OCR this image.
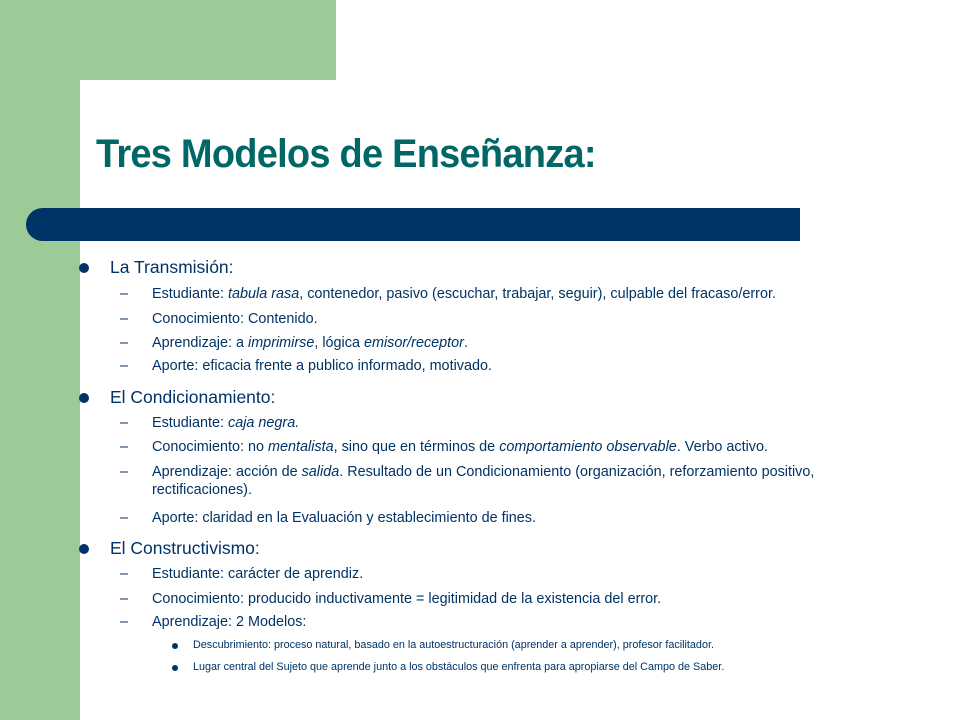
Tres Modelos de Enseñanza:
La Transmisión:
– Estudiante: tabula rasa, contenedor, pasivo (escuchar, trabajar, seguir), culpable del fracaso/error.
– Conocimiento: Contenido.
– Aprendizaje: a imprimirse, lógica emisor/receptor.
– Aporte: eficacia frente a publico informado, motivado.
El Condicionamiento:
– Estudiante: caja negra.
– Conocimiento: no mentalista, sino que en términos de comportamiento observable. Verbo activo.
– Aprendizaje: acción de salida. Resultado de un Condicionamiento (organización, reforzamiento positivo, rectificaciones).
– Aporte: claridad en la Evaluación y establecimiento de fines.
El Constructivismo:
– Estudiante: carácter de aprendiz.
– Conocimiento: producido inductivamente = legitimidad de la existencia del error.
– Aprendizaje: 2 Modelos:
Descubrimiento: proceso natural, basado en la autoestructuración (aprender a aprender), profesor facilitador.
Lugar central del Sujeto que aprende junto a los obstáculos que enfrenta para apropiarse del Campo de Saber.
